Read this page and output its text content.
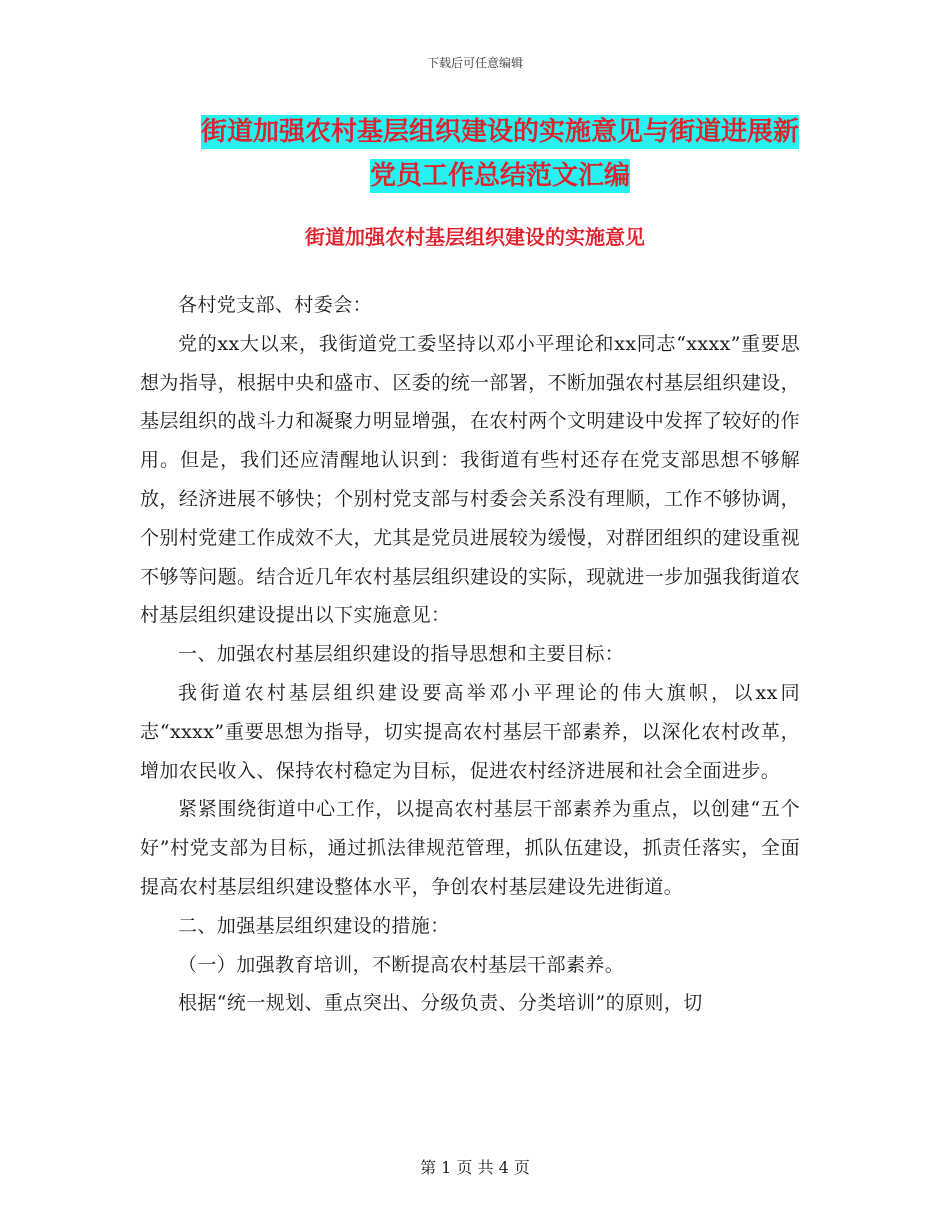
下载后可任意编辑
街道加强农村基层组织建设的实施意见与街道进展新
党员工作总结范文汇编
街道加强农村基层组织建设的实施意见

各村党支部、村委会：

党的xx大以来，我街道党工委坚持以邓小平理论和xx同志“xxxx”重要思想为指导，根据中央和盛市、区委的统一部署，不断加强农村基层组织建设，基层组织的战斗力和凝聚力明显增强，在农村两个文明建设中发挥了较好的作用。但是，我们还应清醒地认识到：我街道有些村还存在党支部思想不够解放，经济进展不够快；个别村党支部与村委会关系没有理顺，工作不够协调，个别村党建工作成效不大，尤其是党员进展较为缓慢，对群团组织的建设重视不够等问题。结合近几年农村基层组织建设的实际，现就进一步加强我街道农村基层组织建设提出以下实施意见：

一、加强农村基层组织建设的指导思想和主要目标：

我街道农村基层组织建设要高举邓小平理论的伟大旗帜，以xx同志“xxxx”重要思想为指导，切实提高农村基层干部素养，以深化农村改革，增加农民收入、保持农村稳定为目标，促进农村经济进展和社会全面进步。

紧紧围绕街道中心工作，以提高农村基层干部素养为重点，以创建“五个好”村党支部为目标，通过抓法律规范管理，抓队伍建设，抓责任落实，全面提高农村基层组织建设整体水平，争创农村基层建设先进街道。

二、加强基层组织建设的措施：

（一）加强教育培训，不断提高农村基层干部素养。

根据“统一规划、重点突出、分级负责、分类培训”的原则，切

第 1 页 共 4 页
